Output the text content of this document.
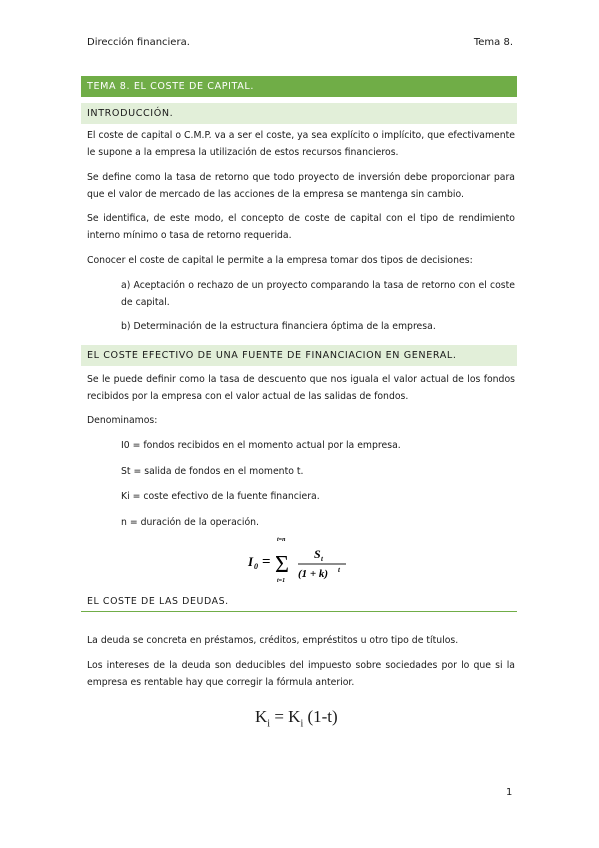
Dirección financiera.	Tema 8.
TEMA 8. EL COSTE DE CAPITAL.
INTRODUCCIÓN.
El coste de capital o C.M.P. va a ser el coste, ya sea explícito o implícito, que efectivamente le supone a la empresa la utilización de estos recursos financieros.
Se define como la tasa de retorno que todo proyecto de inversión debe proporcionar para que el valor de mercado de las acciones de la empresa se mantenga sin cambio.
Se identifica, de este modo, el concepto de coste de capital con el tipo de rendimiento interno mínimo o tasa de retorno requerida.
Conocer el coste de capital le permite a la empresa tomar dos tipos de decisiones:
a) Aceptación o rechazo de un proyecto comparando la tasa de retorno con el coste de capital.
b) Determinación de la estructura financiera óptima de la empresa.
EL COSTE EFECTIVO DE UNA FUENTE DE FINANCIACION EN GENERAL.
Se le puede definir como la tasa de descuento que nos iguala el valor actual de los fondos recibidos por la empresa con el valor actual de las salidas de fondos.
Denominamos:
I0 = fondos recibidos en el momento actual por la empresa.
St = salida de fondos en el momento t.
Ki = coste efectivo de la fuente financiera.
n = duración de la operación.
I 0 = Σ
t=n
t=1
S t
(1 + k) t
EL COSTE DE LAS DEUDAS.
La deuda se concreta en préstamos, créditos, empréstitos u otro tipo de títulos.
Los intereses de la deuda son deducibles del impuesto sobre sociedades por lo que si la empresa es rentable hay que corregir la fórmula anterior.
$K_i = K_i$ (1-t)
1
